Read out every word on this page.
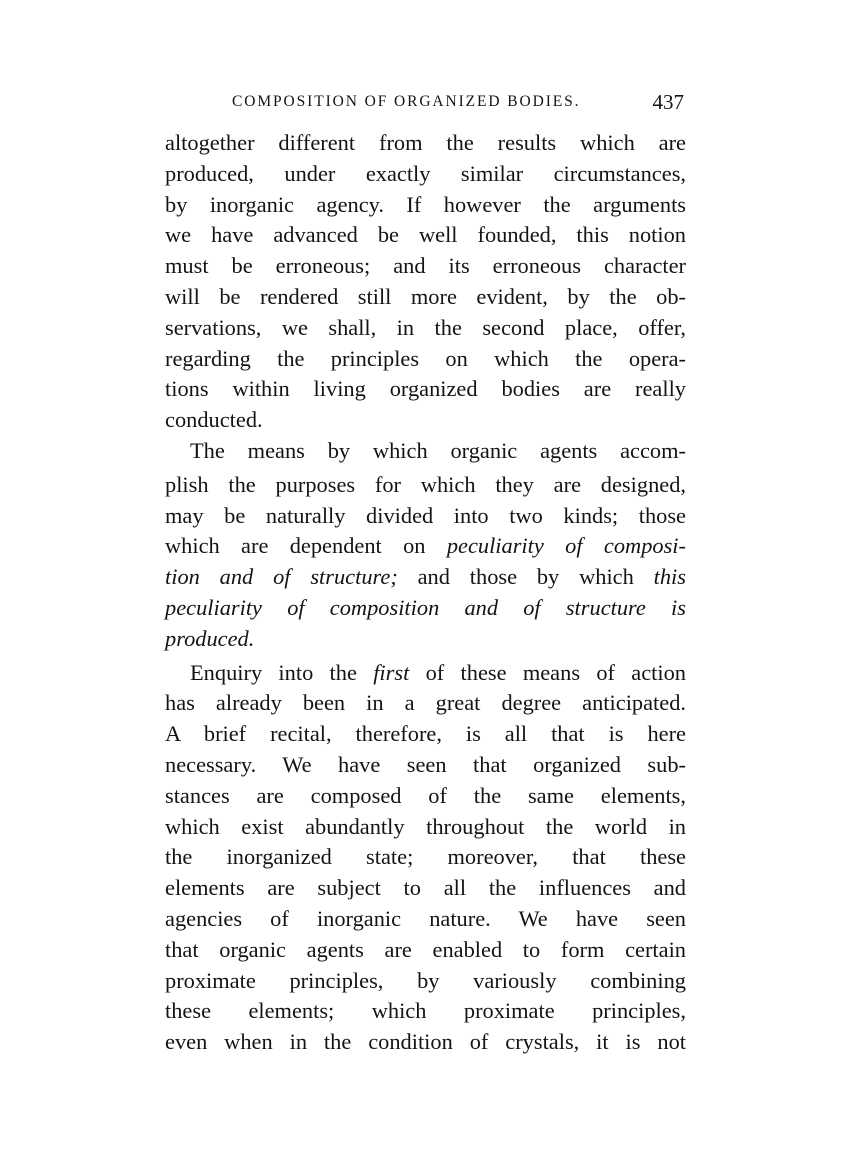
COMPOSITION OF ORGANIZED BODIES.	437
altogether different from the results which are
produced, under exactly similar circumstances,
by inorganic agency. If however the arguments
we have advanced be well founded, this notion
must be erroneous; and its erroneous character
will be rendered still more evident, by the ob-
servations, we shall, in the second place, offer,
regarding the principles on which the opera-
tions within living organized bodies are really
conducted.
The means by which organic agents accom-
plish the purposes for which they are designed,
may be naturally divided into two kinds; those
which are dependent on peculiarity of composi-
tion and of structure; and those by which this
peculiarity of composition and of structure is
produced.
Enquiry into the first of these means of action
has already been in a great degree anticipated.
A brief recital, therefore, is all that is here
necessary. We have seen that organized sub-
stances are composed of the same elements,
which exist abundantly throughout the world in
the inorganized state; moreover, that these
elements are subject to all the influences and
agencies of inorganic nature. We have seen
that organic agents are enabled to form certain
proximate principles, by variously combining
these elements; which proximate principles,
even when in the condition of crystals, it is not
